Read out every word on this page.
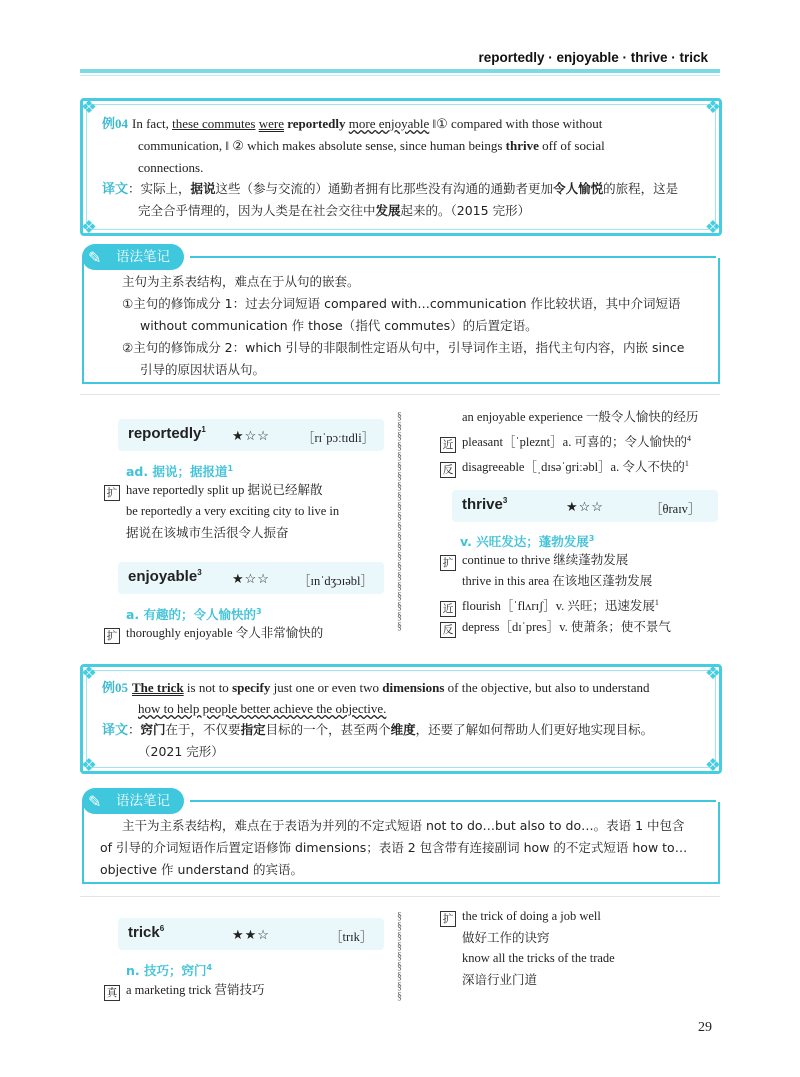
reportedly · enjoyable · thrive · trick
❖	❖
❖	❖
例04 In fact, these commutes were reportedly more enjoyable ‖① compared with those without
communication, ‖ ② which makes absolute sense, since human beings thrive off of social
connections.
译文：实际上，据说这些（参与交流的）通勤者拥有比那些没有沟通的通勤者更加令人愉悦的旅程，这是
完全合乎情理的，因为人类是在社会交往中发展起来的。（2015 完形）
✎ 语法笔记
主句为主系表结构，难点在于从句的嵌套。
①主句的修饰成分 1：过去分词短语 compared with…communication 作比较状语，其中介词短语
without communication 作 those（指代 commutes）的后置定语。
②主句的修饰成分 2：which 引导的非限制性定语从句中，引导词作主语，指代主句内容，内嵌 since
引导的原因状语从句。
reportedly$^1$ ★☆☆	［rɪˈpɔːtɪdli］
ad. 据说；据报道$^1$
扩 have reportedly split up 据说已经解散
be reportedly a very exciting city to live in
据说在该城市生活很令人振奋
enjoyable$^3$ ★☆☆ ［ɪnˈdʒɔɪəbl］
a. 有趣的；令人愉快的$^3$
扩 thoroughly enjoyable 令人非常愉快的
§
§
§
§
§
§
§
§
§
§
§
§
§
§
§
§
§
§
§
§
§
§
an enjoyable experience 一般令人愉快的经历
近 pleasant［ˈpleznt］a. 可喜的；令人愉快的$^4$
反 disagreeable［ˌdɪsəˈɡriːəbl］a. 令人不快的$^1$
thrive$^3$	★☆☆	［θraɪv］
v. 兴旺发达；蓬勃发展$^3$
扩 continue to thrive 继续蓬勃发展
thrive in this area 在该地区蓬勃发展
近 flourish［ˈflʌrɪʃ］v. 兴旺；迅速发展$^1$
反 depress［dɪˈpres］v. 使萧条；使不景气
❖	❖
❖	❖
例05 The trick is not to specify just one or even two dimensions of the objective, but also to understand
how to help people better achieve the objective.
译文：窍门在于，不仅要指定目标的一个，甚至两个维度，还要了解如何帮助人们更好地实现目标。
（2021 完形）
✎ 语法笔记
主干为主系表结构，难点在于表语为并列的不定式短语 not to do…but also to do…。表语 1 中包含
of 引导的介词短语作后置定语修饰 dimensions；表语 2 包含带有连接副词 how 的不定式短语 how to…
objective 作 understand 的宾语。
trick$^6$	★★☆	［trɪk］
n. 技巧；窍门$^4$
真 a marketing trick 营销技巧
§
§
§
§
§
§
§
§
§
扩 the trick of doing a job well
做好工作的诀窍
know all the tricks of the trade
深谙行业门道
29
